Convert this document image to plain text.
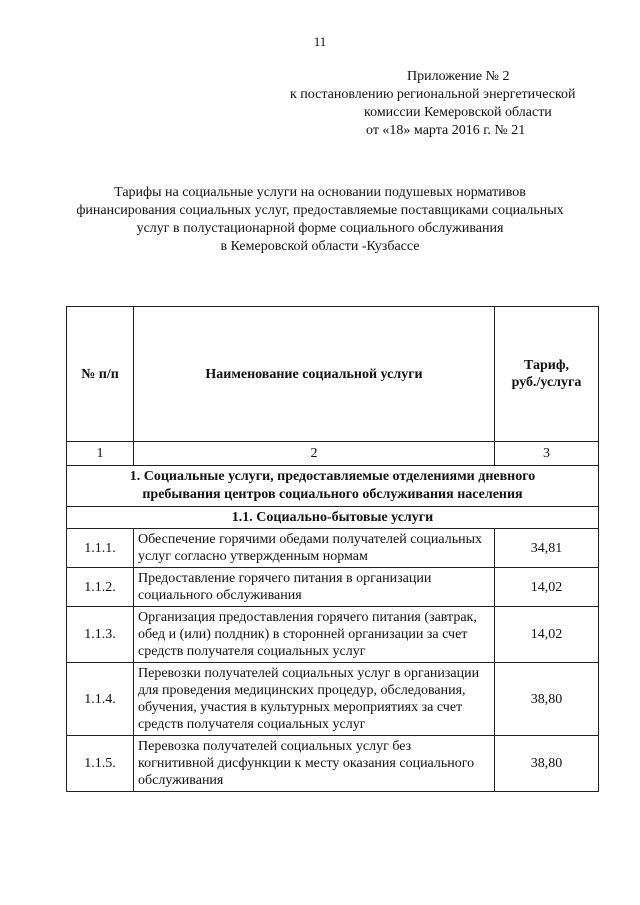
11
Приложение № 2
к постановлению региональной энергетической
комиссии Кемеровской области
от «18» марта 2016 г. № 21
Тарифы на социальные услуги на основании подушевых нормативов
финансирования социальных услуг, предоставляемые поставщиками социальных
услуг в полустационарной форме социального обслуживания
в Кемеровской области -Кузбассе
№ п/п	Наименование социальной услуги	Тариф,
руб./услуга

1	2	3

1. Социальные услуги, предоставляемые отделениями дневного
пребывания центров социального обслуживания населения		

1.1. Социально-бытовые услуги		
1.1.1.	Обеспечение горячими обедами получателей социальных услуг согласно утвержденным нормам	34,81
1.1.2.	Предоставление горячего питания в организации социального обслуживания	14,02
1.1.3.	Организация предоставления горячего питания (завтрак, обед и (или) полдник) в сторонней организации за счет средств получателя социальных услуг	14,02
1.1.4.	Перевозки получателей социальных услуг в организации для проведения медицинских процедур, обследования, обучения, участия в культурных мероприятиях за счет средств получателя социальных услуг	38,80
1.1.5.	Перевозка получателей социальных услуг без когнитивной дисфункции к месту оказания социального обслуживания	38,80
